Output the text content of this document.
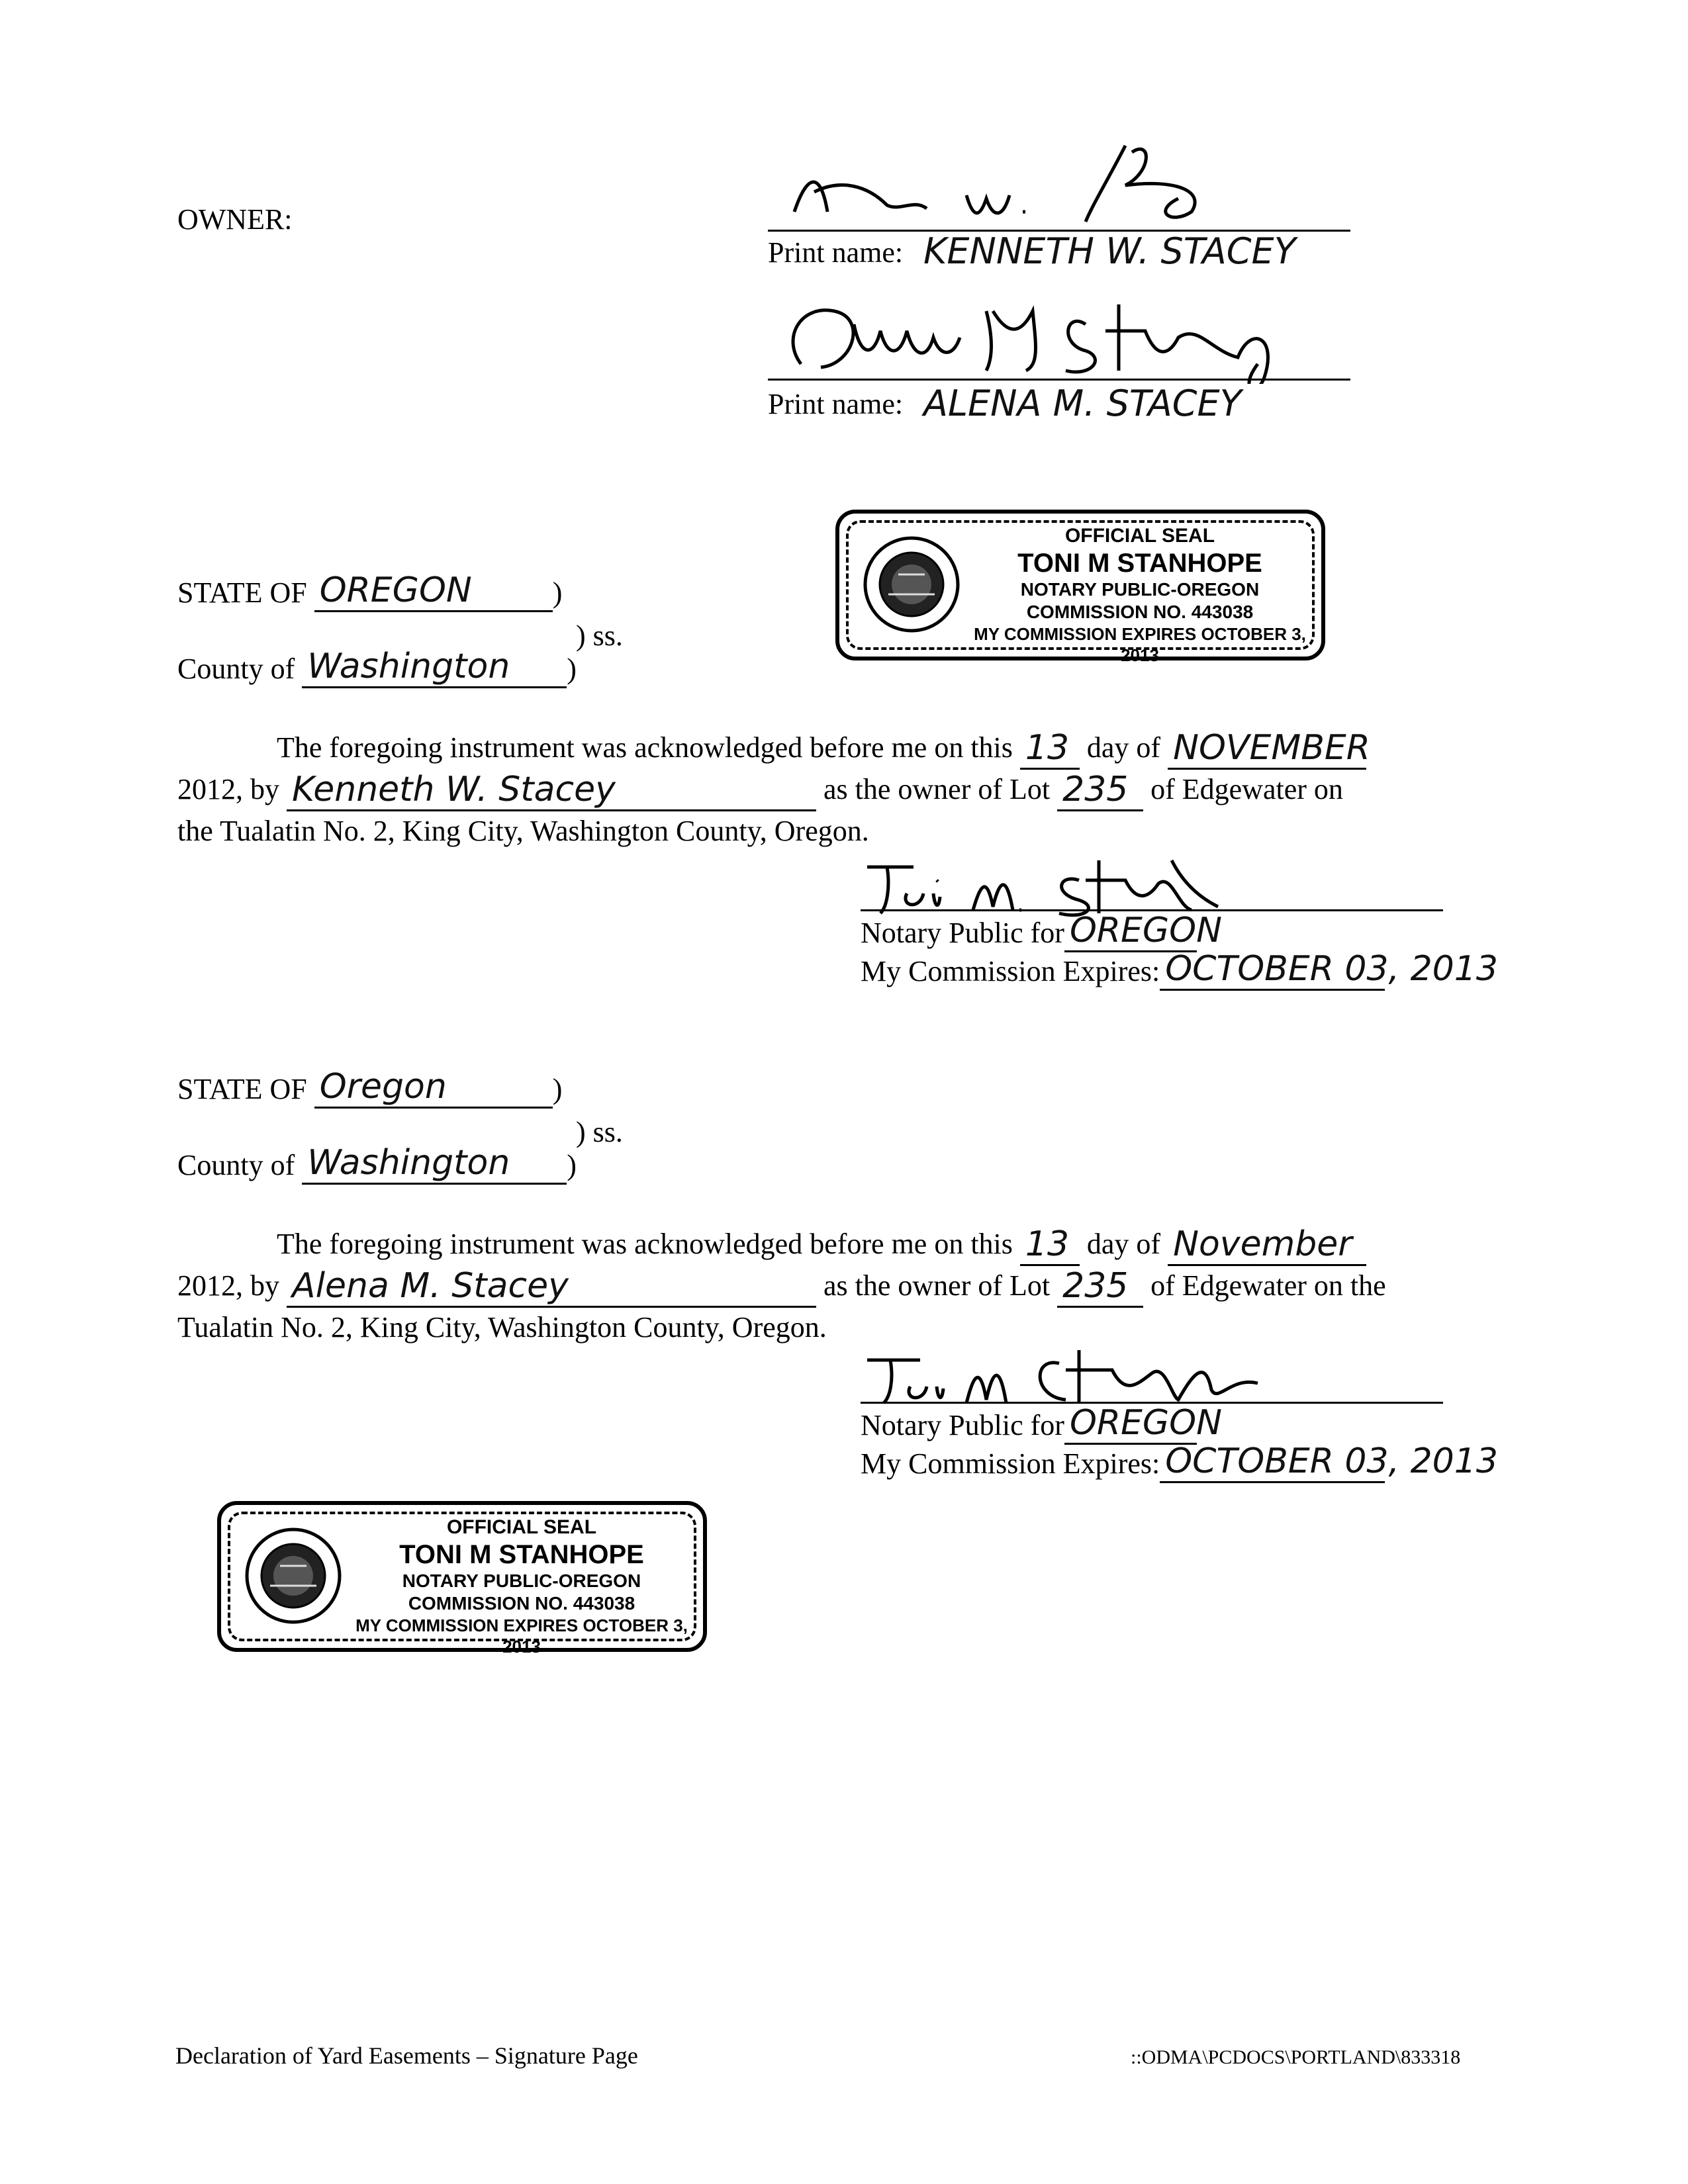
OWNER:
Print name: KENNETH W. STACEY
Print name: ALENA M. STACEY
OFFICIAL SEAL
TONI M STANHOPE
NOTARY PUBLIC-OREGON
COMMISSION NO. 443038
MY COMMISSION EXPIRES OCTOBER 3, 2013
STATE OF OREGON	)
) ss.
County of Washington )
The foregoing instrument was acknowledged before me on this 13 day of NOVEMBER

2012, by Kenneth W. Stacey	as the owner of Lot 235 of Edgewater on
the Tualatin No. 2, King City, Washington County, Oregon.
Notary Public for OREGON

My Commission Expires: OCTOBER 03, 2013

STATE OF Oregon	)
) ss.
County of Washington )
The foregoing instrument was acknowledged before me on this 13 day of November

2012, by Alena M. Stacey	as the owner of Lot 235 of Edgewater on the
Tualatin No. 2, King City, Washington County, Oregon.
Notary Public for OREGON

My Commission Expires: OCTOBER 03, 2013

OFFICIAL SEAL
TONI M STANHOPE
NOTARY PUBLIC-OREGON
COMMISSION NO. 443038
MY COMMISSION EXPIRES OCTOBER 3, 2013
Declaration of Yard Easements – Signature Page	::ODMA\PCDOCS\PORTLAND\833318
